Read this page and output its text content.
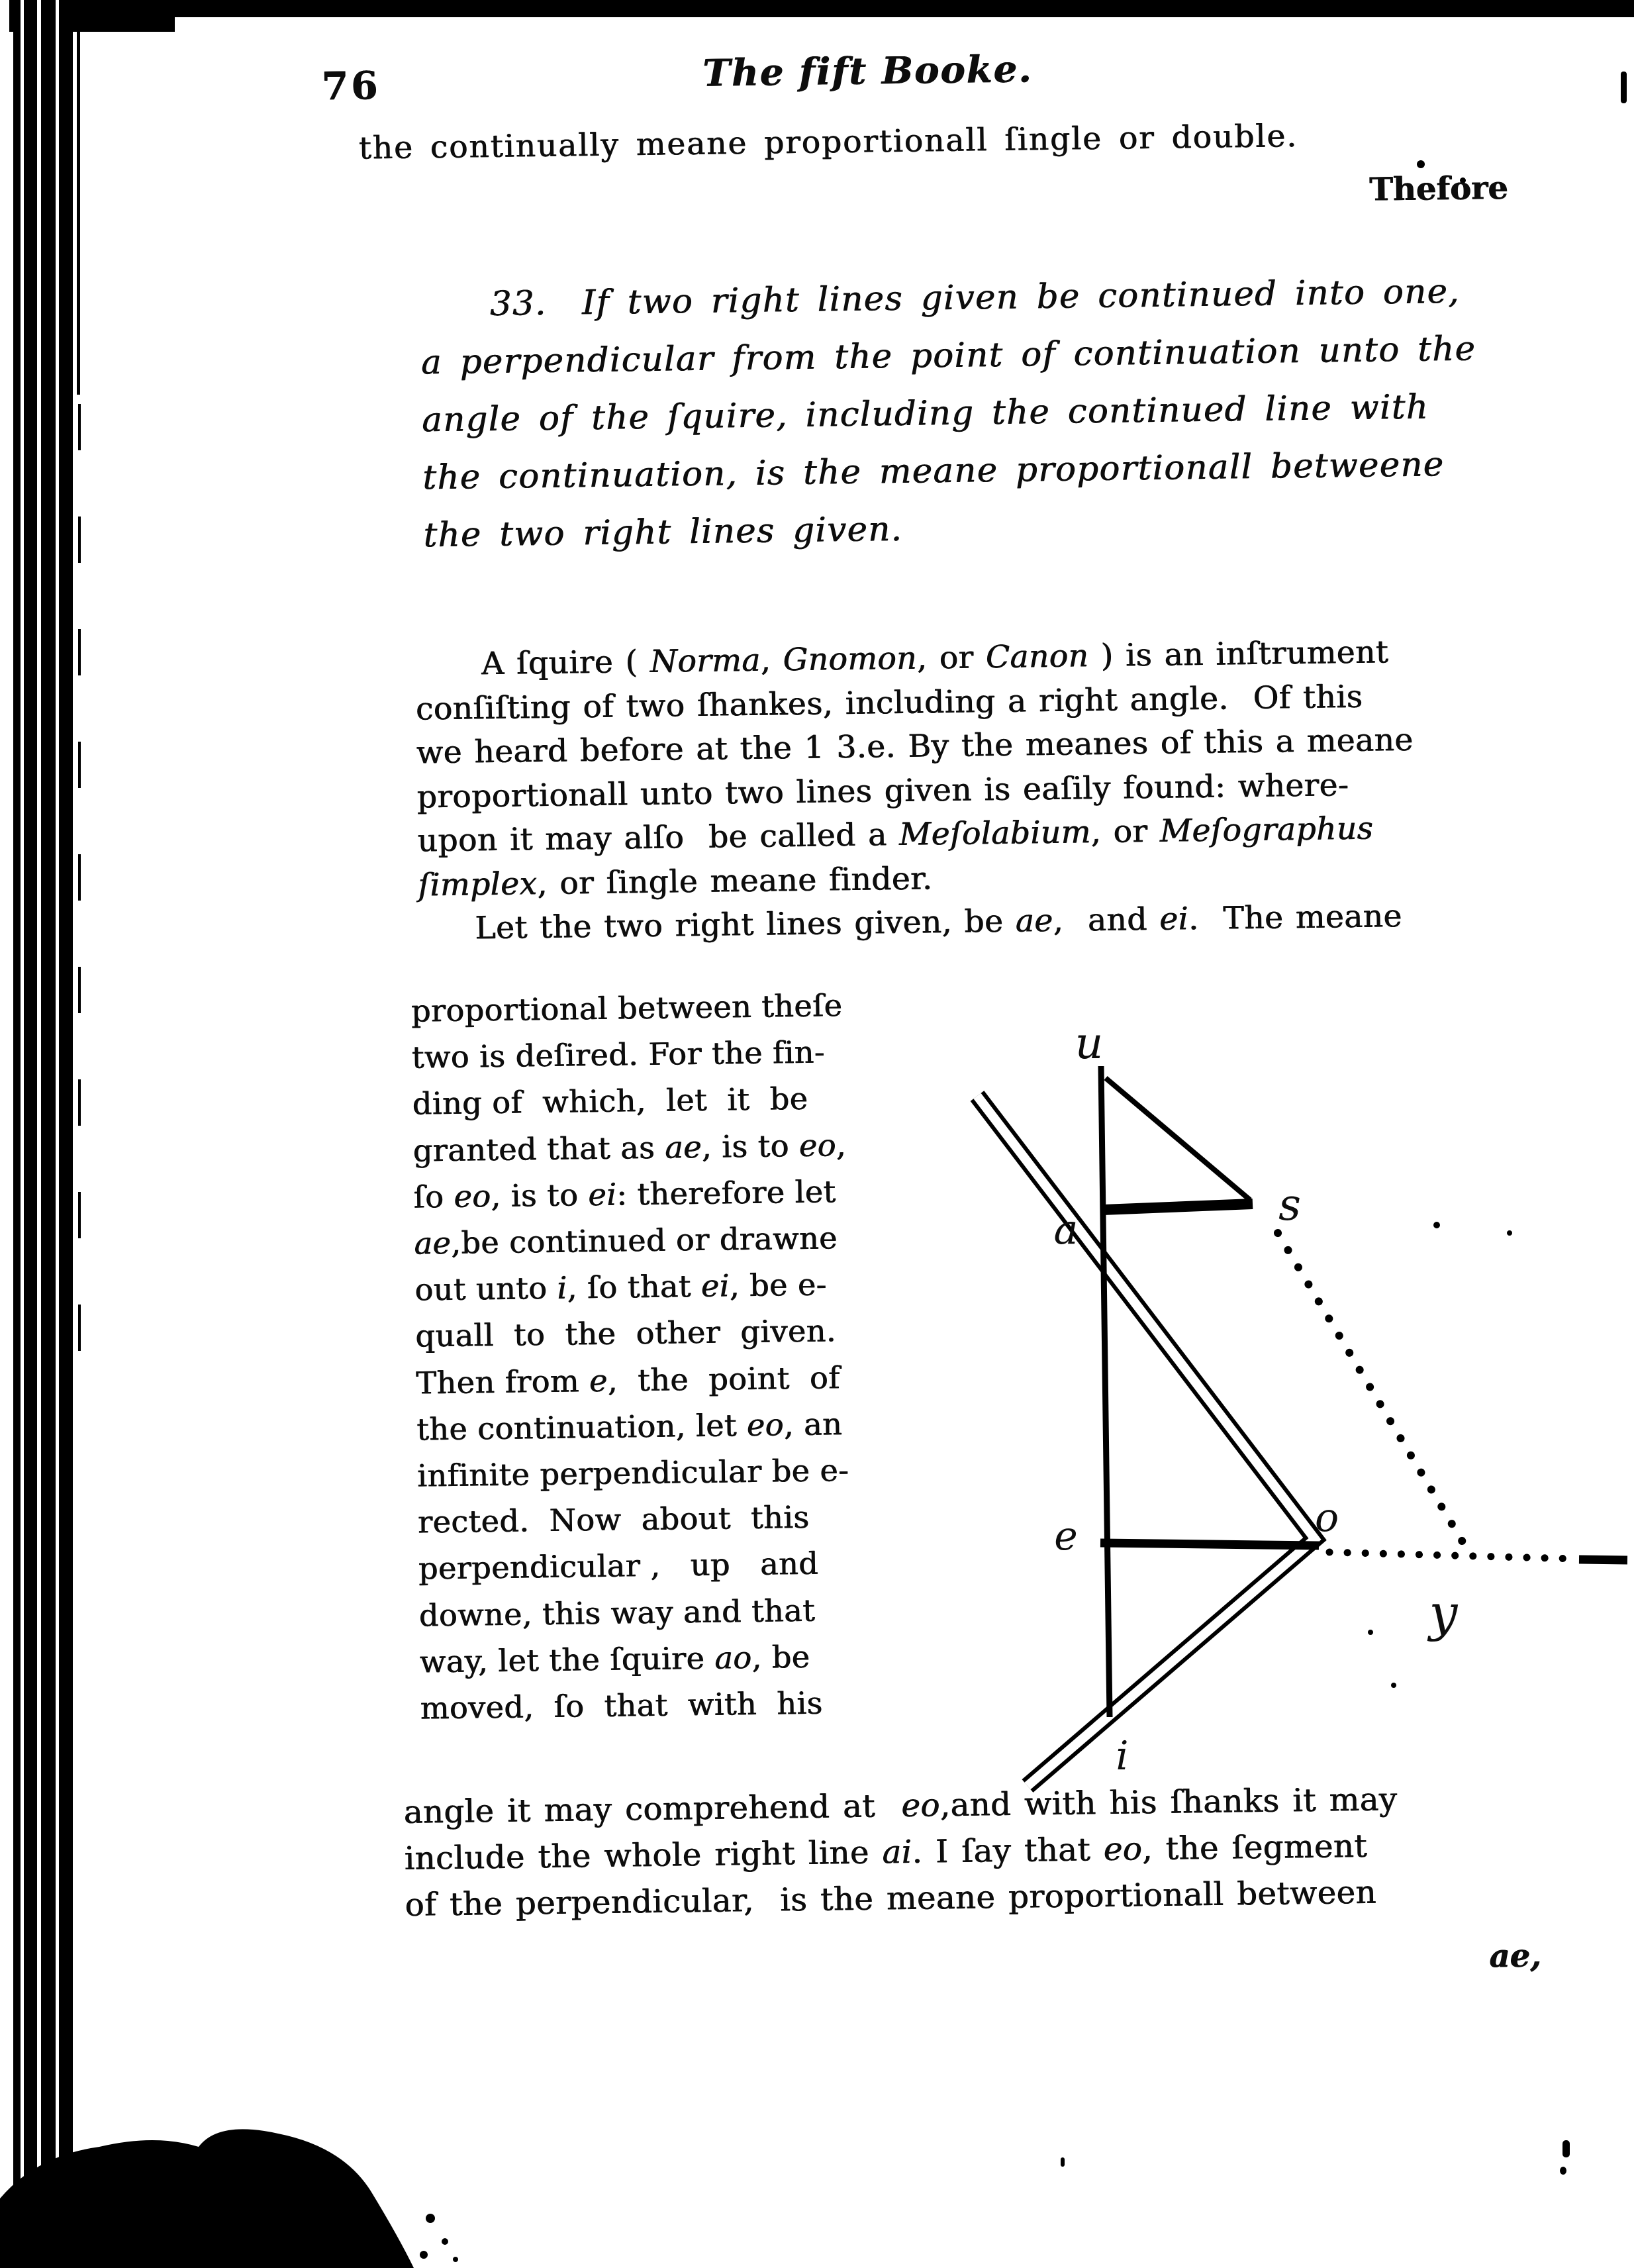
76	The fift Booke.
the continually meane proportionall ſingle or double.
Thefore
33.  If two right lines given be continued into one,
a perpendicular from the point of continuation unto the
angle of the ſquire, including the continued line with
the continuation, is the meane proportionall betweene
the two right lines given.
A ſquire ( Norma, Gnomon, or Canon ) is an inſtrument
conſiſting of two ſhankes, including a right angle.  Of this
we heard before at the 1 3.e. By the meanes of this a meane
proportionall unto two lines given is eaſily found: where-
upon it may alſo  be called a Meſolabium, or Meſographus
ſimplex, or ſingle meane finder.
Let the two right lines given, be ae,  and ei.  The meane
proportional between theſe
two is deſired. For the fin-
ding of  which,  let  it  be
granted that as ae, is to eo,
ſo eo, is to ei: therefore let
ae,be continued or drawne
out unto i, ſo that ei, be e-
quall  to  the  other  given.
Then from e,  the  point  of
the continuation, let eo, an
infinite perpendicular be e-
rected.  Now  about  this
perpendicular ,   up   and
downe, this way and that
way, let the ſquire ao, be
moved,  ſo  that  with  his
angle it may comprehend at  eo,and with his ſhanks it may
include the whole right line ai. I ſay that eo, the ſegment
of the perpendicular,  is the meane proportionall between
ae,
u
a	s
e	o
y
i
